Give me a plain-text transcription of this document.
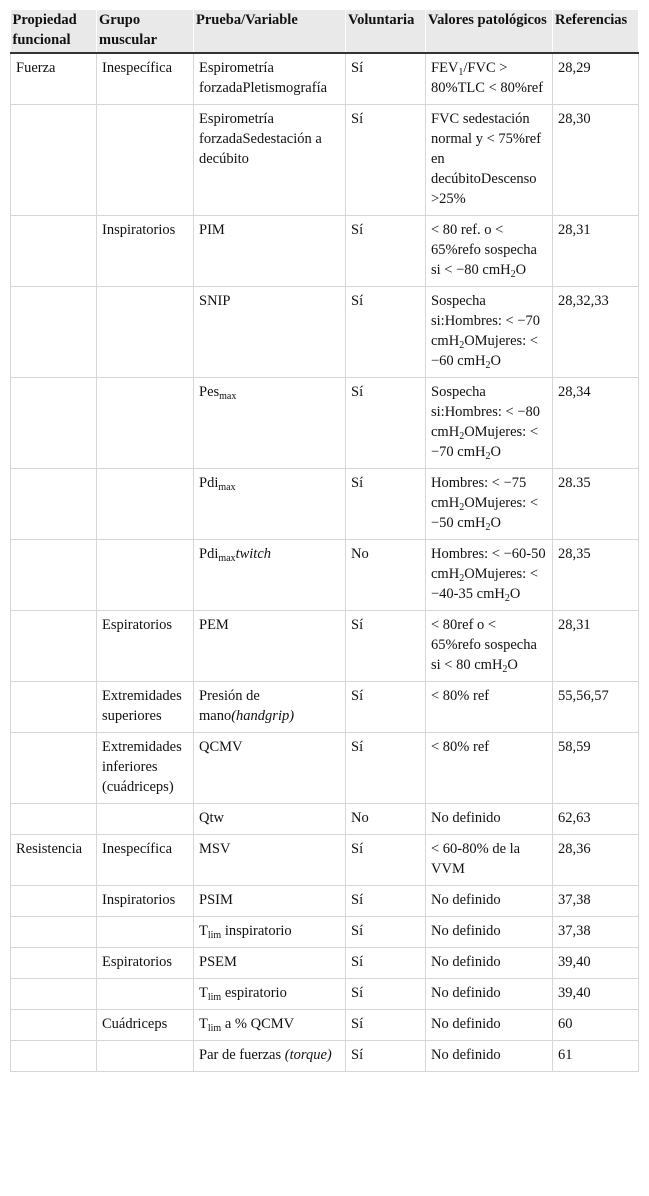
Propiedad funcional	Grupo muscular	Prueba/Variable	Voluntaria	Valores patológicos	Referencias
Fuerza	Inespecífica	Espirometría forzadaPletismografía	Sí	$FEV_1$/FVC > 80%TLC < 80%ref	28,29
		Espirometría forzadaSedestación a decúbito	Sí	FVC sedestación normal y < 75%ref en decúbitoDescenso >25%	28,30
	Inspiratorios	PIM	Sí	< 80 ref. o < 65%refo sospecha si < −80 cmH$_2$O	28,31
		SNIP	Sí	Sospecha si:Hombres: < −70 cmH$_2$OMujeres: < −60 cmH$_2$O	28,32,33
		Pes$_{max}$	Sí	Sospecha si:Hombres: < −80 cmH$_2$OMujeres: < −70 cmH$_2$O	28,34
		Pdi$_{max}$	Sí	Hombres: < −75 cmH$_2$OMujeres: < −50 cmH$_2$O	28.35
		Pdi$_{max}$twitch	No	Hombres: < −60-50 cmH$_2$OMujeres: < −40-35 cmH$_2$O	28,35
	Espiratorios	PEM	Sí	< 80ref o < 65%refo sospecha si < 80 cmH$_2$O	28,31
	Extremidades superiores	Presión de mano(handgrip)	Sí	< 80% ref	55,56,57
	Extremidades inferiores (cuádriceps)	QCMV	Sí	< 80% ref	58,59
		Qtw	No	No definido	62,63
Resistencia	Inespecífica	MSV	Sí	< 60-80% de la VVM	28,36
	Inspiratorios	PSIM	Sí	No definido	37,38
		$T_{lim}$ inspiratorio	Sí	No definido	37,38
	Espiratorios	PSEM	Sí	No definido	39,40
		$T_{lim}$ espiratorio	Sí	No definido	39,40
	Cuádriceps	$T_{lim}$ a % QCMV	Sí	No definido	60
		Par de fuerzas (torque)	Sí	No definido	61
